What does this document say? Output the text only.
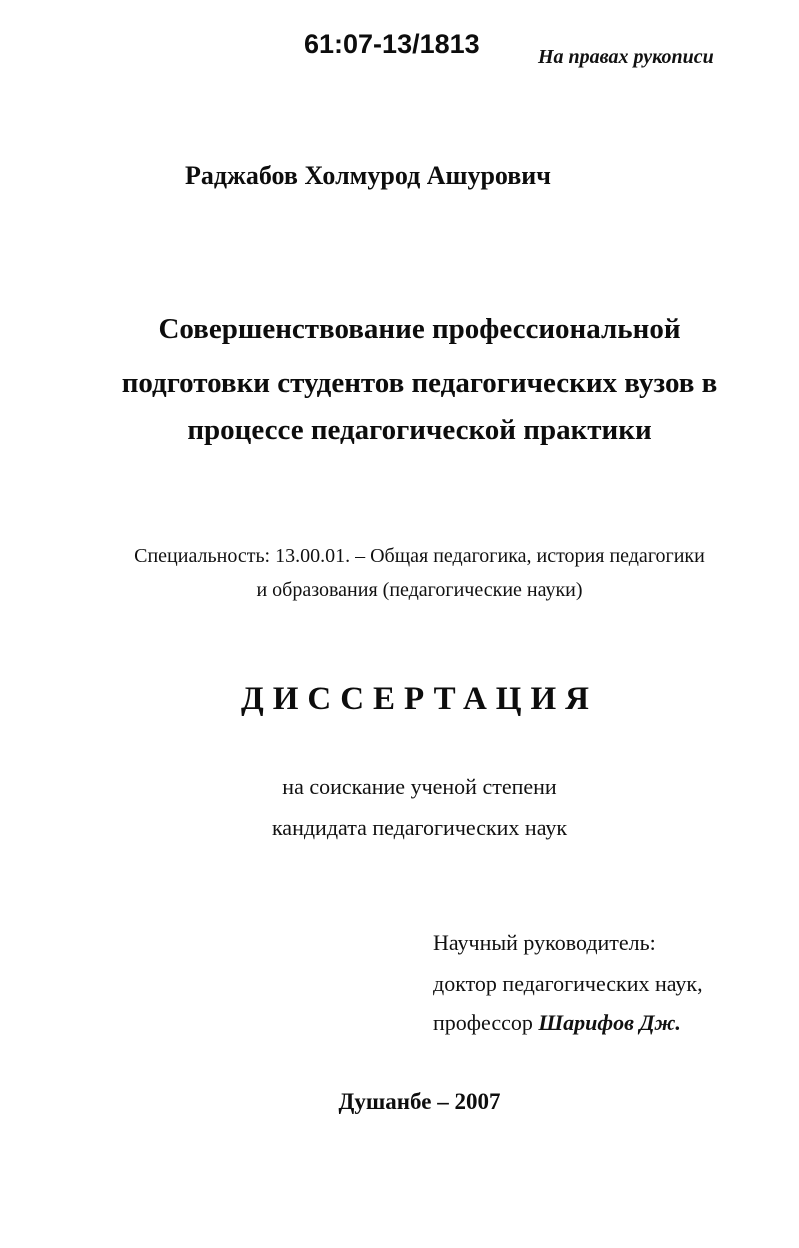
61:07-13/1813	На правах рукописи
Раджабов Холмурод Ашурович
Совершенствование профессиональной
подготовки студентов педагогических вузов в
процессе педагогической практики
Специальность: 13.00.01. – Общая педагогика, история педагогики
и образования (педагогические науки)
ДИССЕРТАЦИЯ
на соискание ученой степени
кандидата педагогических наук
Научный руководитель:
доктор педагогических наук,
профессор Шарифов Дж.
Душанбе – 2007
